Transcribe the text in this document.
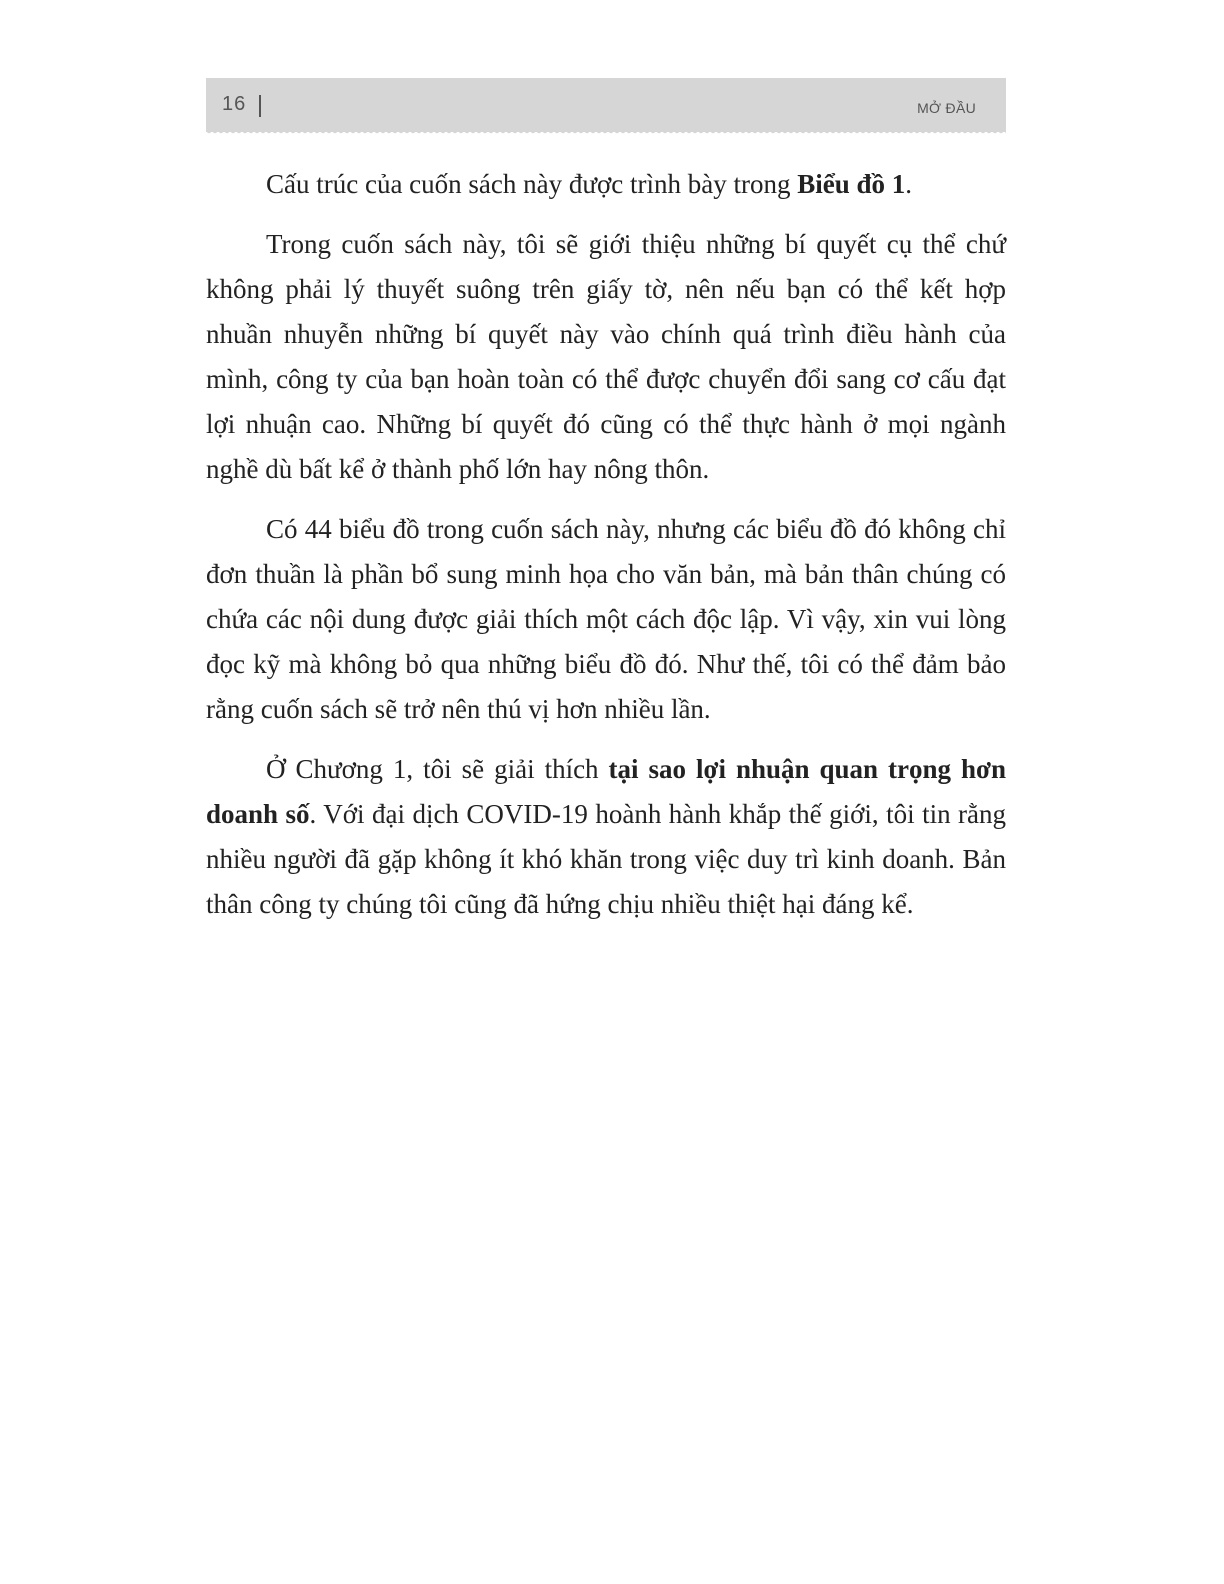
16	MỞ ĐẦU

Cấu trúc của cuốn sách này được trình bày trong Biểu đồ 1.

Trong cuốn sách này, tôi sẽ giới thiệu những bí quyết cụ thể chứ không phải lý thuyết suông trên giấy tờ, nên nếu bạn có thể kết hợp nhuần nhuyễn những bí quyết này vào chính quá trình điều hành của mình, công ty của bạn hoàn toàn có thể được chuyển đổi sang cơ cấu đạt lợi nhuận cao. Những bí quyết đó cũng có thể thực hành ở mọi ngành nghề dù bất kể ở thành phố lớn hay nông thôn.

Có 44 biểu đồ trong cuốn sách này, nhưng các biểu đồ đó không chỉ đơn thuần là phần bổ sung minh họa cho văn bản, mà bản thân chúng có chứa các nội dung được giải thích một cách độc lập. Vì vậy, xin vui lòng đọc kỹ mà không bỏ qua những biểu đồ đó. Như thế, tôi có thể đảm bảo rằng cuốn sách sẽ trở nên thú vị hơn nhiều lần.

Ở Chương 1, tôi sẽ giải thích tại sao lợi nhuận quan trọng hơn doanh số. Với đại dịch COVID-19 hoành hành khắp thế giới, tôi tin rằng nhiều người đã gặp không ít khó khăn trong việc duy trì kinh doanh. Bản thân công ty chúng tôi cũng đã hứng chịu nhiều thiệt hại đáng kể.
